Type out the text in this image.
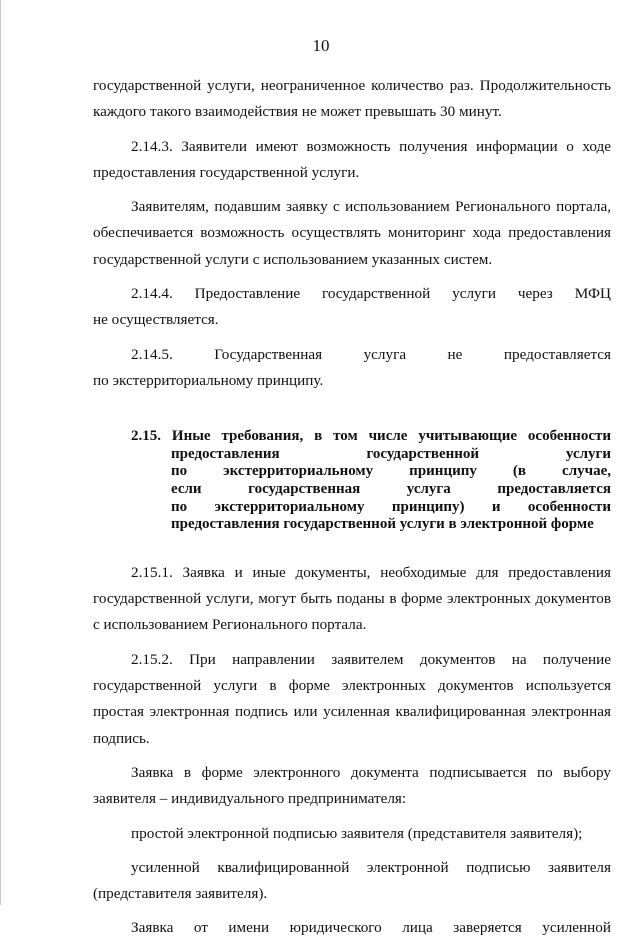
10

государственной услуги, неограниченное количество раз. Продолжительность каждого такого взаимодействия не может превышать 30 минут.

2.14.3. Заявители имеют возможность получения информации о ходе предоставления государственной услуги.

Заявителям, подавшим заявку с использованием Регионального портала, обеспечивается возможность осуществлять мониторинг хода предоставления государственной услуги с использованием указанных систем.

2.14.4. Предоставление государственной услуги через МФЦ

не осуществляется.

2.14.5. Государственная услуга не предоставляется

по экстерриториальному принципу.

2.15. Иные требования, в том числе учитывающие особенности
предоставления государственной услуги
по экстерриториальному принципу (в случае,
если государственная услуга предоставляется
по экстерриториальному принципу) и особенности
предоставления государственной услуги в электронной форме

2.15.1. Заявка и иные документы, необходимые для предоставления государственной услуги, могут быть поданы в форме электронных документов с использованием Регионального портала.

2.15.2. При направлении заявителем документов на получение государственной услуги в форме электронных документов используется простая электронная подпись или усиленная квалифицированная электронная подпись.

Заявка в форме электронного документа подписывается по выбору заявителя – индивидуального предпринимателя:

простой электронной подписью заявителя (представителя заявителя);

усиленной квалифицированной электронной подписью заявителя (представителя заявителя).

Заявка от имени юридического лица заверяется усиленной
